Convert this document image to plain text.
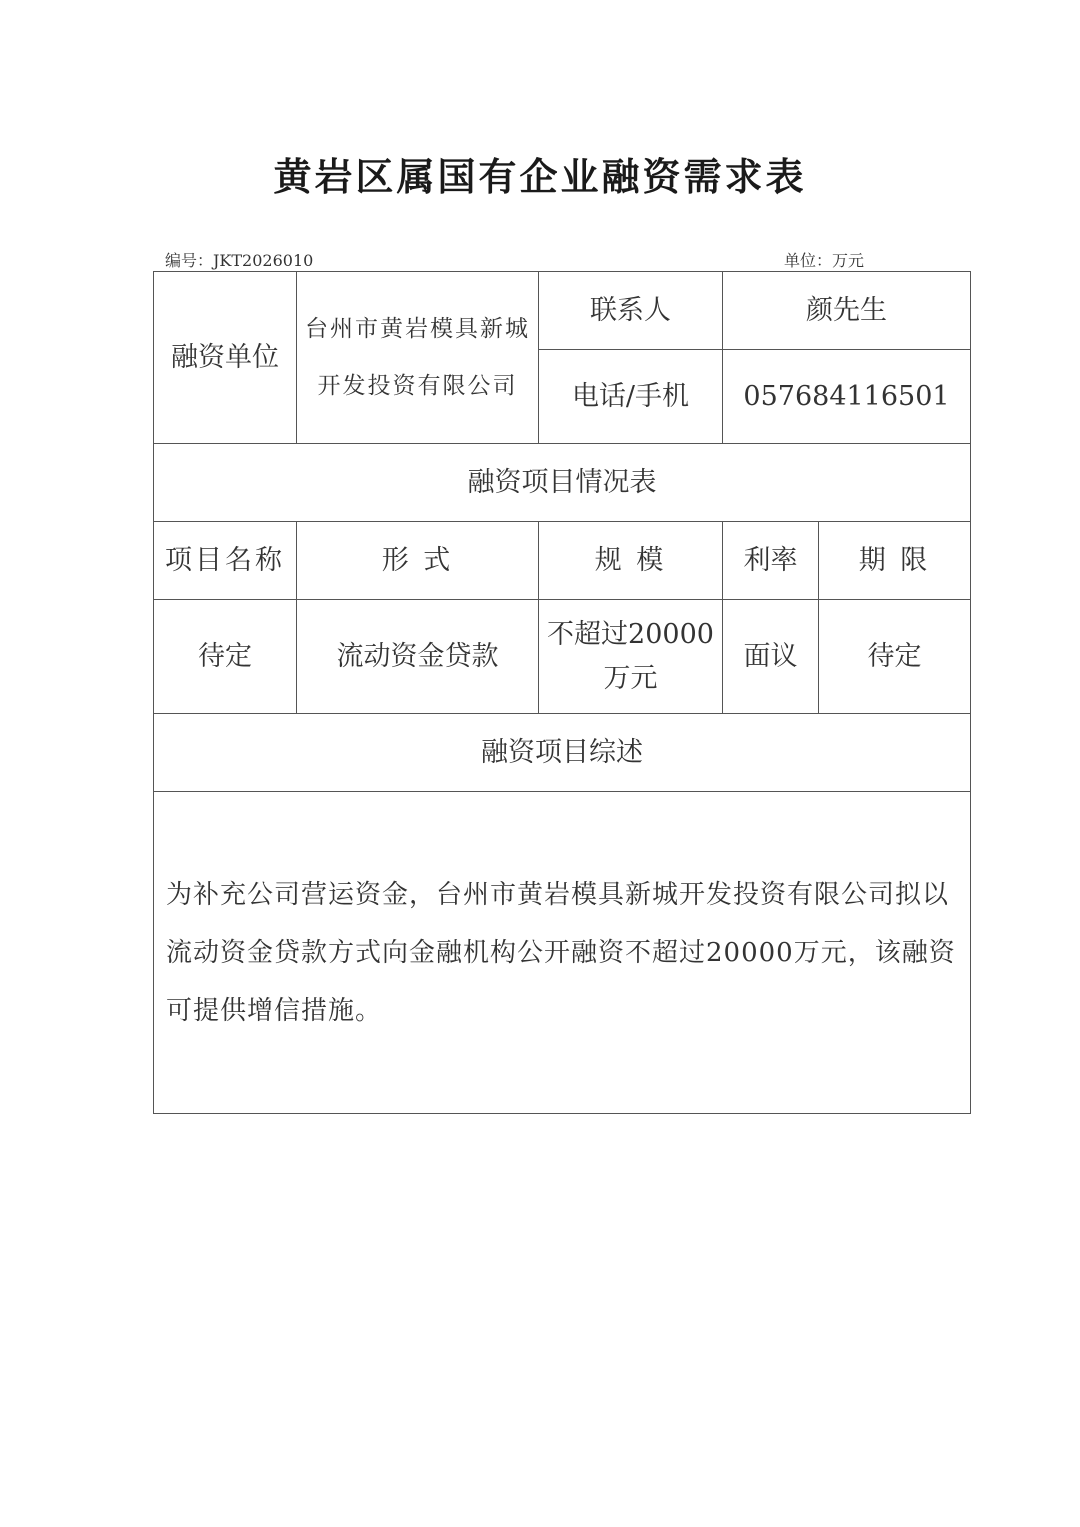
黄岩区属国有企业融资需求表
编号：JKT2026010	单位：万元
融资单位	台州市黄岩模具新城开发投资有限公司	联系人	颜先生	
		电话/手机	057684116501	
融资项目情况表				
项目名称	形 式	规 模	利率	期 限
待定	流动资金贷款	不超过20000万元	面议	待定
融资项目综述				
为补充公司营运资金，台州市黄岩模具新城开发投资有限公司拟以流动资金贷款方式向金融机构公开融资不超过20000万元，该融资可提供增信措施。				
